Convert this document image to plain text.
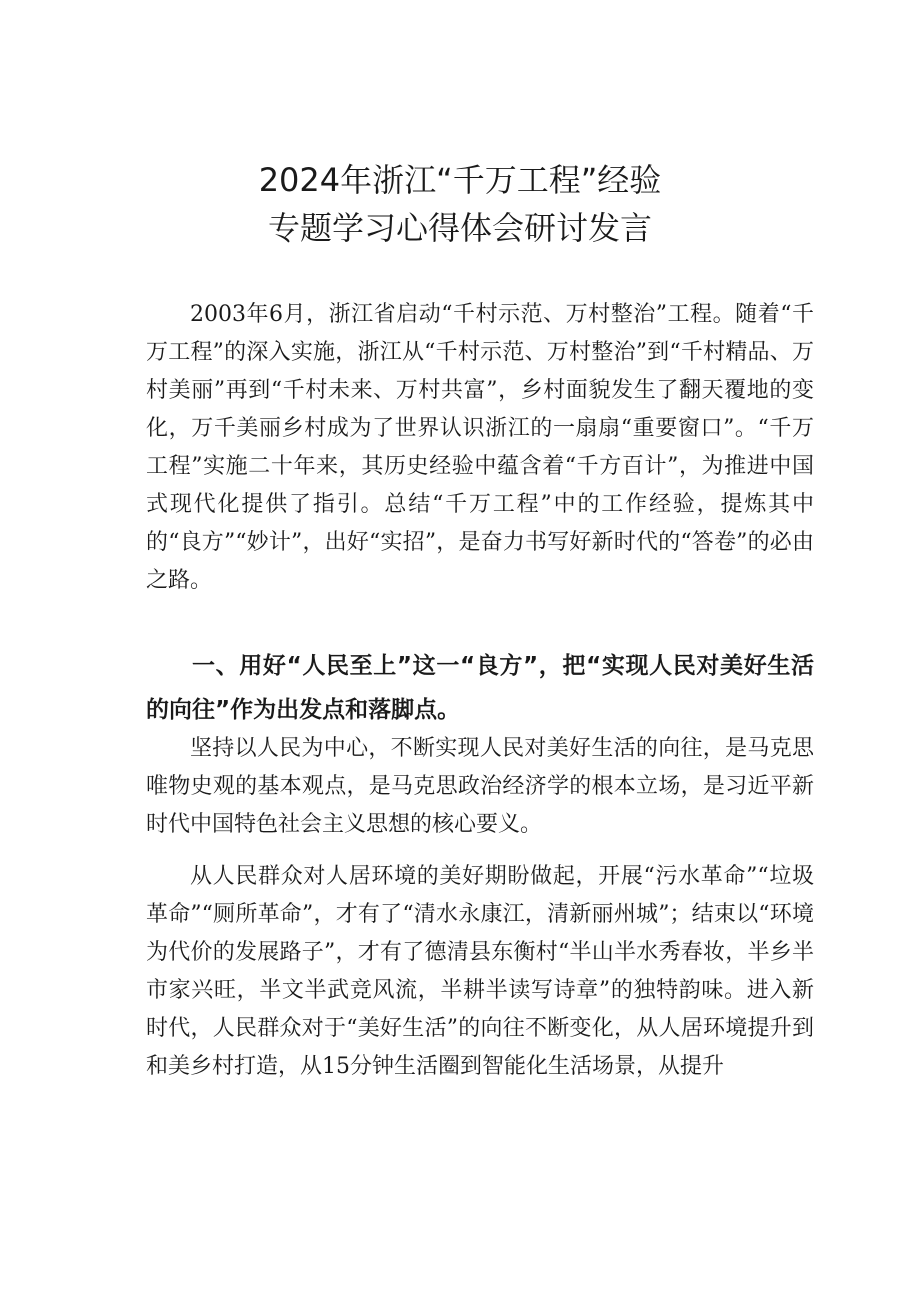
2024年浙江“千万工程”经验
专题学习心得体会研讨发言

2003年6月，浙江省启动“千村示范、万村整治”工程。随着“千万工程”的深入实施，浙江从“千村示范、万村整治”到“千村精品、万村美丽”再到“千村未来、万村共富”，乡村面貌发生了翻天覆地的变化，万千美丽乡村成为了世界认识浙江的一扇扇“重要窗口”。“千万工程”实施二十年来，其历史经验中蕴含着“千方百计”，为推进中国式现代化提供了指引。总结“千万工程”中的工作经验，提炼其中的“良方”“妙计”，出好“实招”，是奋力书写好新时代的“答卷”的必由之路。

一、用好“人民至上”这一“良方”，把“实现人民对美好生活的向往”作为出发点和落脚点。

坚持以人民为中心，不断实现人民对美好生活的向往，是马克思唯物史观的基本观点，是马克思政治经济学的根本立场，是习近平新时代中国特色社会主义思想的核心要义。

从人民群众对人居环境的美好期盼做起，开展“污水革命”“垃圾革命”“厕所革命”，才有了“清水永康江，清新丽州城”；结束以“环境为代价的发展路子”，才有了德清县东衡村“半山半水秀春妆，半乡半市家兴旺，半文半武竞风流，半耕半读写诗章”的独特韵味。进入新时代，人民群众对于“美好生活”的向往不断变化，从人居环境提升到和美乡村打造，从15分钟生活圈到智能化生活场景，从提升
